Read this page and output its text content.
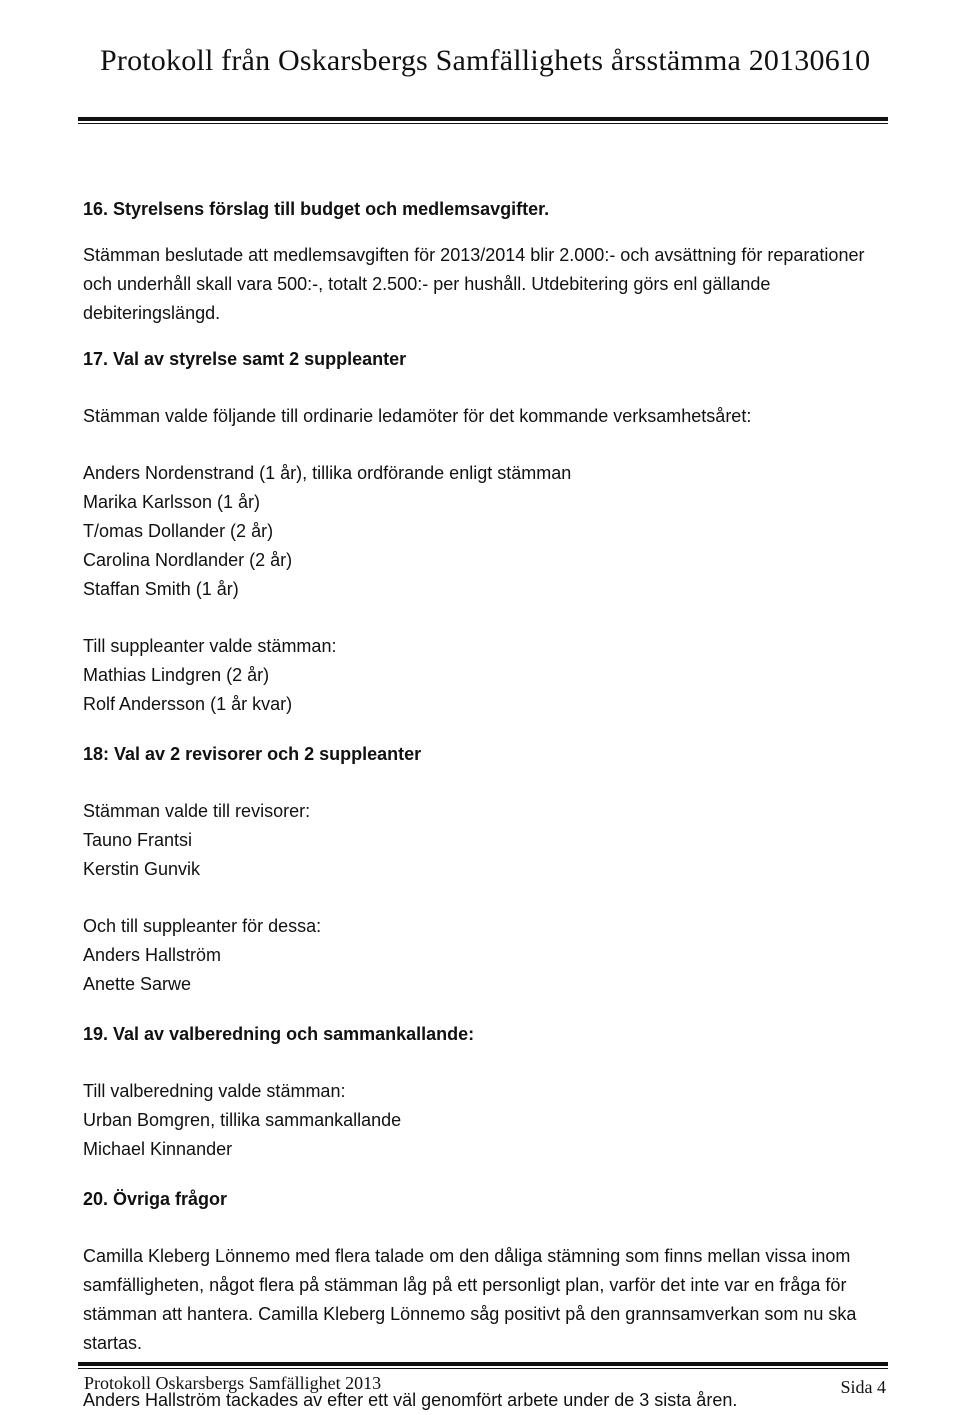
Protokoll från Oskarsbergs Samfällighets årsstämma 20130610

16. Styrelsens förslag till budget och medlemsavgifter.

Stämman beslutade att medlemsavgiften för 2013/2014 blir 2.000:- och avsättning för reparationer och underhåll skall vara 500:-, totalt 2.500:- per hushåll. Utdebitering görs enl gällande debiteringslängd.

17. Val av styrelse samt 2 suppleanter

Stämman valde följande till ordinarie ledamöter för det kommande verksamhetsåret:

Anders Nordenstrand (1 år), tillika ordförande enligt stämman

Marika Karlsson (1 år)

T/omas Dollander (2 år)

Carolina Nordlander (2 år)

Staffan Smith (1 år)

Till suppleanter valde stämman:

Mathias Lindgren (2 år)

Rolf Andersson (1 år kvar)

18: Val av 2 revisorer och 2 suppleanter

Stämman valde till revisorer:

Tauno Frantsi

Kerstin Gunvik

Och till suppleanter för dessa:

Anders Hallström

Anette Sarwe

19. Val av valberedning och sammankallande:

Till valberedning valde stämman:

Urban Bomgren, tillika sammankallande

Michael Kinnander

20. Övriga frågor

Camilla Kleberg Lönnemo med flera talade om den dåliga stämning som finns mellan vissa inom samfälligheten, något flera på stämman låg på ett personligt plan, varför det inte var en fråga för stämman att hantera. Camilla Kleberg Lönnemo såg positivt på den grannsamverkan som nu ska startas.

Anders Hallström tackades av efter ett väl genomfört arbete under de 3 sista åren.

Protokoll Oskarsbergs Samfällighet 2013	Sida 4
